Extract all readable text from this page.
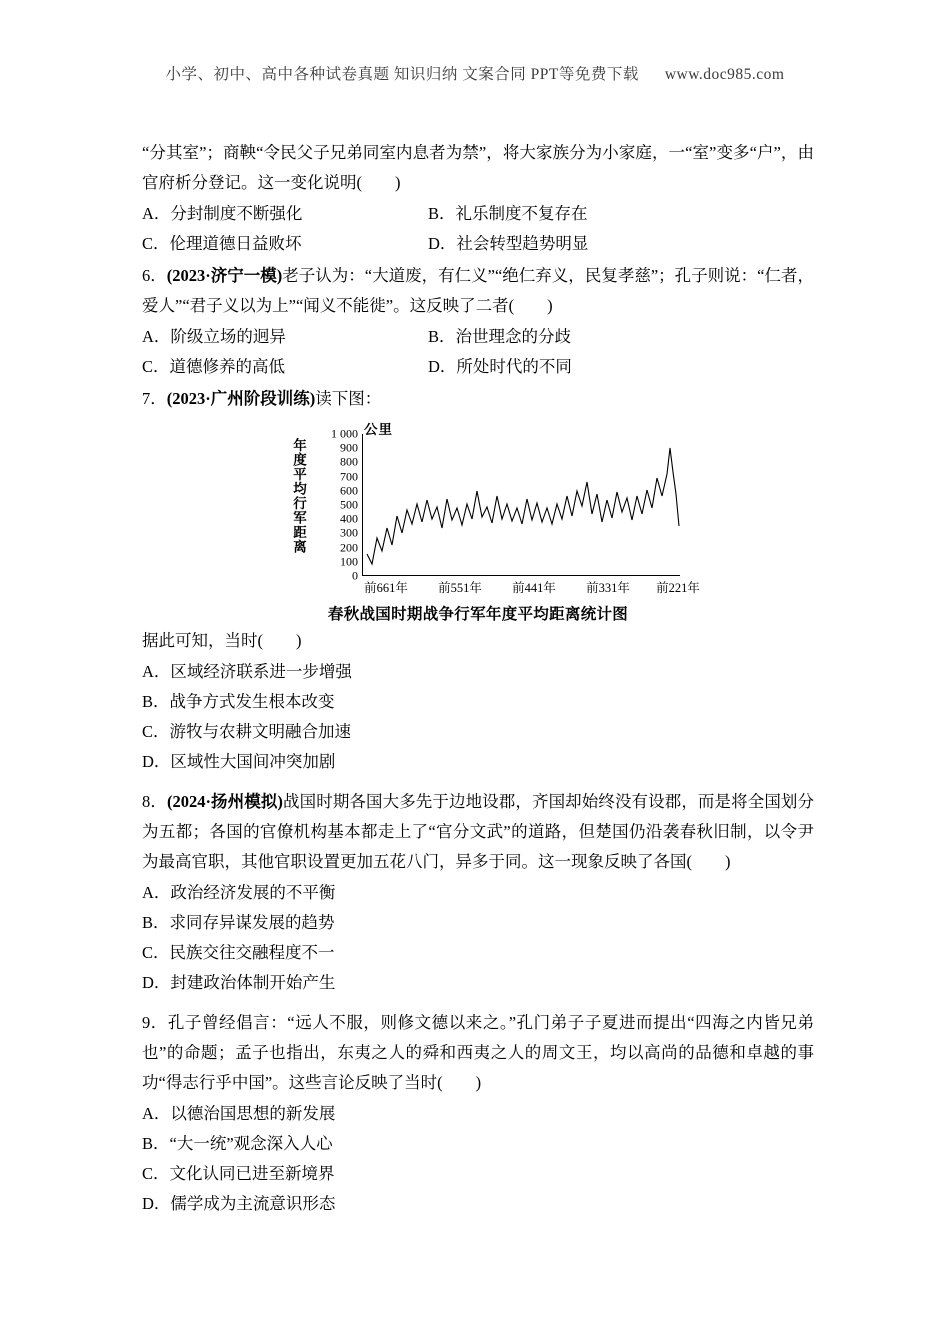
小学、初中、高中各种试卷真题 知识归纳 文案合同 PPT等免费下载 www.doc985.com

“分其室”；商鞅“令民父子兄弟同室内息者为禁”，将大家族分为小家庭，一“室”变多“户”，由官府析分登记。这一变化说明(　　)

A．分封制度不断强化	B．礼乐制度不复存在
C．伦理道德日益败坏	D．社会转型趋势明显

6．(2023·济宁一模)老子认为：“大道废，有仁义”“绝仁弃义，民复孝慈”；孔子则说：“仁者，爱人”“君子义以为上”“闻义不能徙”。这反映了二者(　　)

A．阶级立场的迥异	B．治世理念的分歧
C．道德修养的高低	D．所处时代的不同

7．(2023·广州阶段训练)读下图：

公里
年度平均行军距离
1 000
900
800
700
600
500
400
300
200
100
0
前661年 前551年 前441年 前331年 前221年
春秋战国时期战争行军年度平均距离统计图

据此可知，当时(　　)

A．区域经济联系进一步增强
B．战争方式发生根本改变
C．游牧与农耕文明融合加速
D．区域性大国间冲突加剧

8．(2024·扬州模拟)战国时期各国大多先于边地设郡，齐国却始终没有设郡，而是将全国划分为五都；各国的官僚机构基本都走上了“官分文武”的道路，但楚国仍沿袭春秋旧制，以令尹为最高官职，其他官职设置更加五花八门，异多于同。这一现象反映了各国(　　)

A．政治经济发展的不平衡
B．求同存异谋发展的趋势
C．民族交往交融程度不一
D．封建政治体制开始产生

9．孔子曾经倡言：“远人不服，则修文德以来之。”孔门弟子子夏进而提出“四海之内皆兄弟也”的命题；孟子也指出，东夷之人的舜和西夷之人的周文王，均以高尚的品德和卓越的事功“得志行乎中国”。这些言论反映了当时(　　)

A．以德治国思想的新发展
B．“大一统”观念深入人心
C．文化认同已进至新境界
D．儒学成为主流意识形态
